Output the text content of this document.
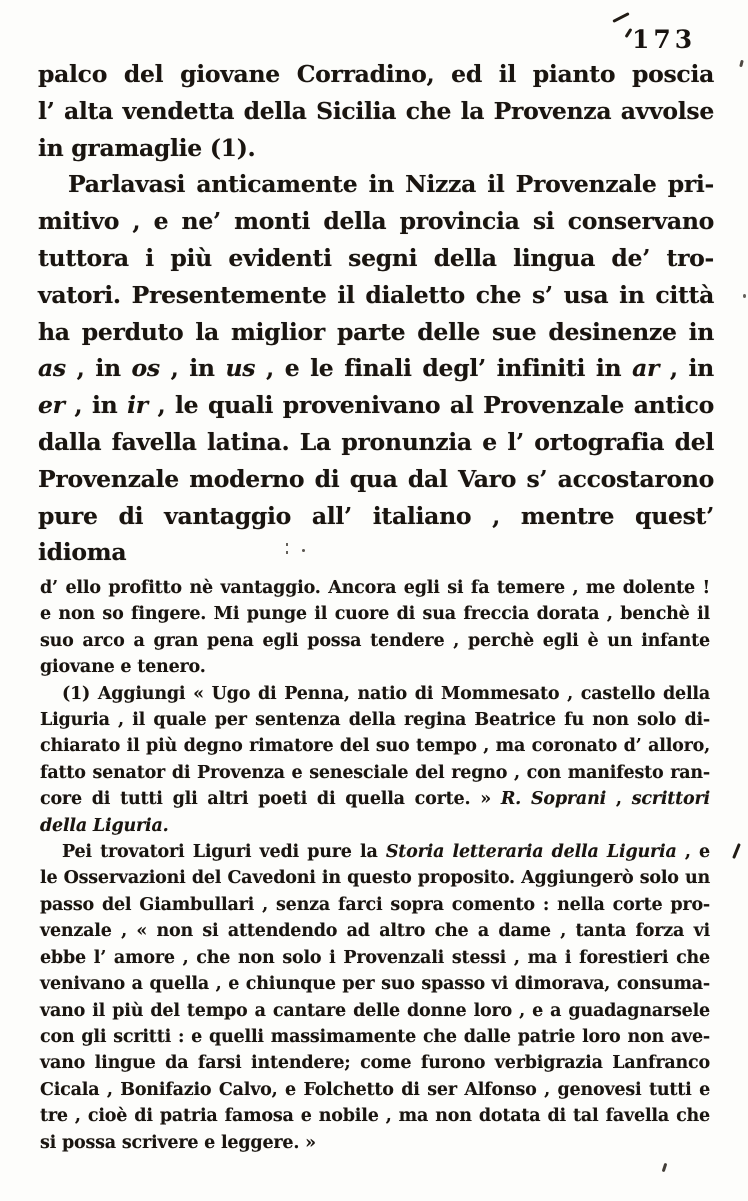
173
palco del giovane Corradino, ed il pianto poscia
l’ alta vendetta della Sicilia che la Provenza avvolse
in gramaglie (1).
Parlavasi anticamente in Nizza il Provenzale pri-
mitivo , e ne’ monti della provincia si conservano
tuttora i più evidenti segni della lingua de’ tro-
vatori. Presentemente il dialetto che s’ usa in città
ha perduto la miglior parte delle sue desinenze in
as , in os , in us , e le finali degl’ infiniti in ar , in
er , in ir , le quali provenivano al Provenzale antico
dalla favella latina. La pronunzia e l’ ortografia del
Provenzale moderno di qua dal Varo s’ accostarono
pure di vantaggio all’ italiano , mentre quest’ idioma
d’ ello profitto nè vantaggio. Ancora egli si fa temere , me dolente !
e non so fingere. Mi punge il cuore di sua freccia dorata , benchè il
suo arco a gran pena egli possa tendere , perchè egli è un infante
giovane e tenero.
(1) Aggiungi « Ugo di Penna, natio di Mommesato , castello della
Liguria , il quale per sentenza della regina Beatrice fu non solo di-
chiarato il più degno rimatore del suo tempo , ma coronato d’ alloro,
fatto senator di Provenza e senesciale del regno , con manifesto ran-
core di tutti gli altri poeti di quella corte. » R. Soprani , scrittori
della Liguria.
Pei trovatori Liguri vedi pure la Storia letteraria della Liguria , e
le Osservazioni del Cavedoni in questo proposito. Aggiungerò solo un
passo del Giambullari , senza farci sopra comento : nella corte pro-
venzale , « non si attendendo ad altro che a dame , tanta forza vi
ebbe l’ amore , che non solo i Provenzali stessi , ma i forestieri che
venivano a quella , e chiunque per suo spasso vi dimorava, consuma-
vano il più del tempo a cantare delle donne loro , e a guadagnarsele
con gli scritti : e quelli massimamente che dalle patrie loro non ave-
vano lingue da farsi intendere; come furono verbigrazia Lanfranco
Cicala , Bonifazio Calvo, e Folchetto di ser Alfonso , genovesi tutti e
tre , cioè di patria famosa e nobile , ma non dotata di tal favella che
si possa scrivere e leggere. »
